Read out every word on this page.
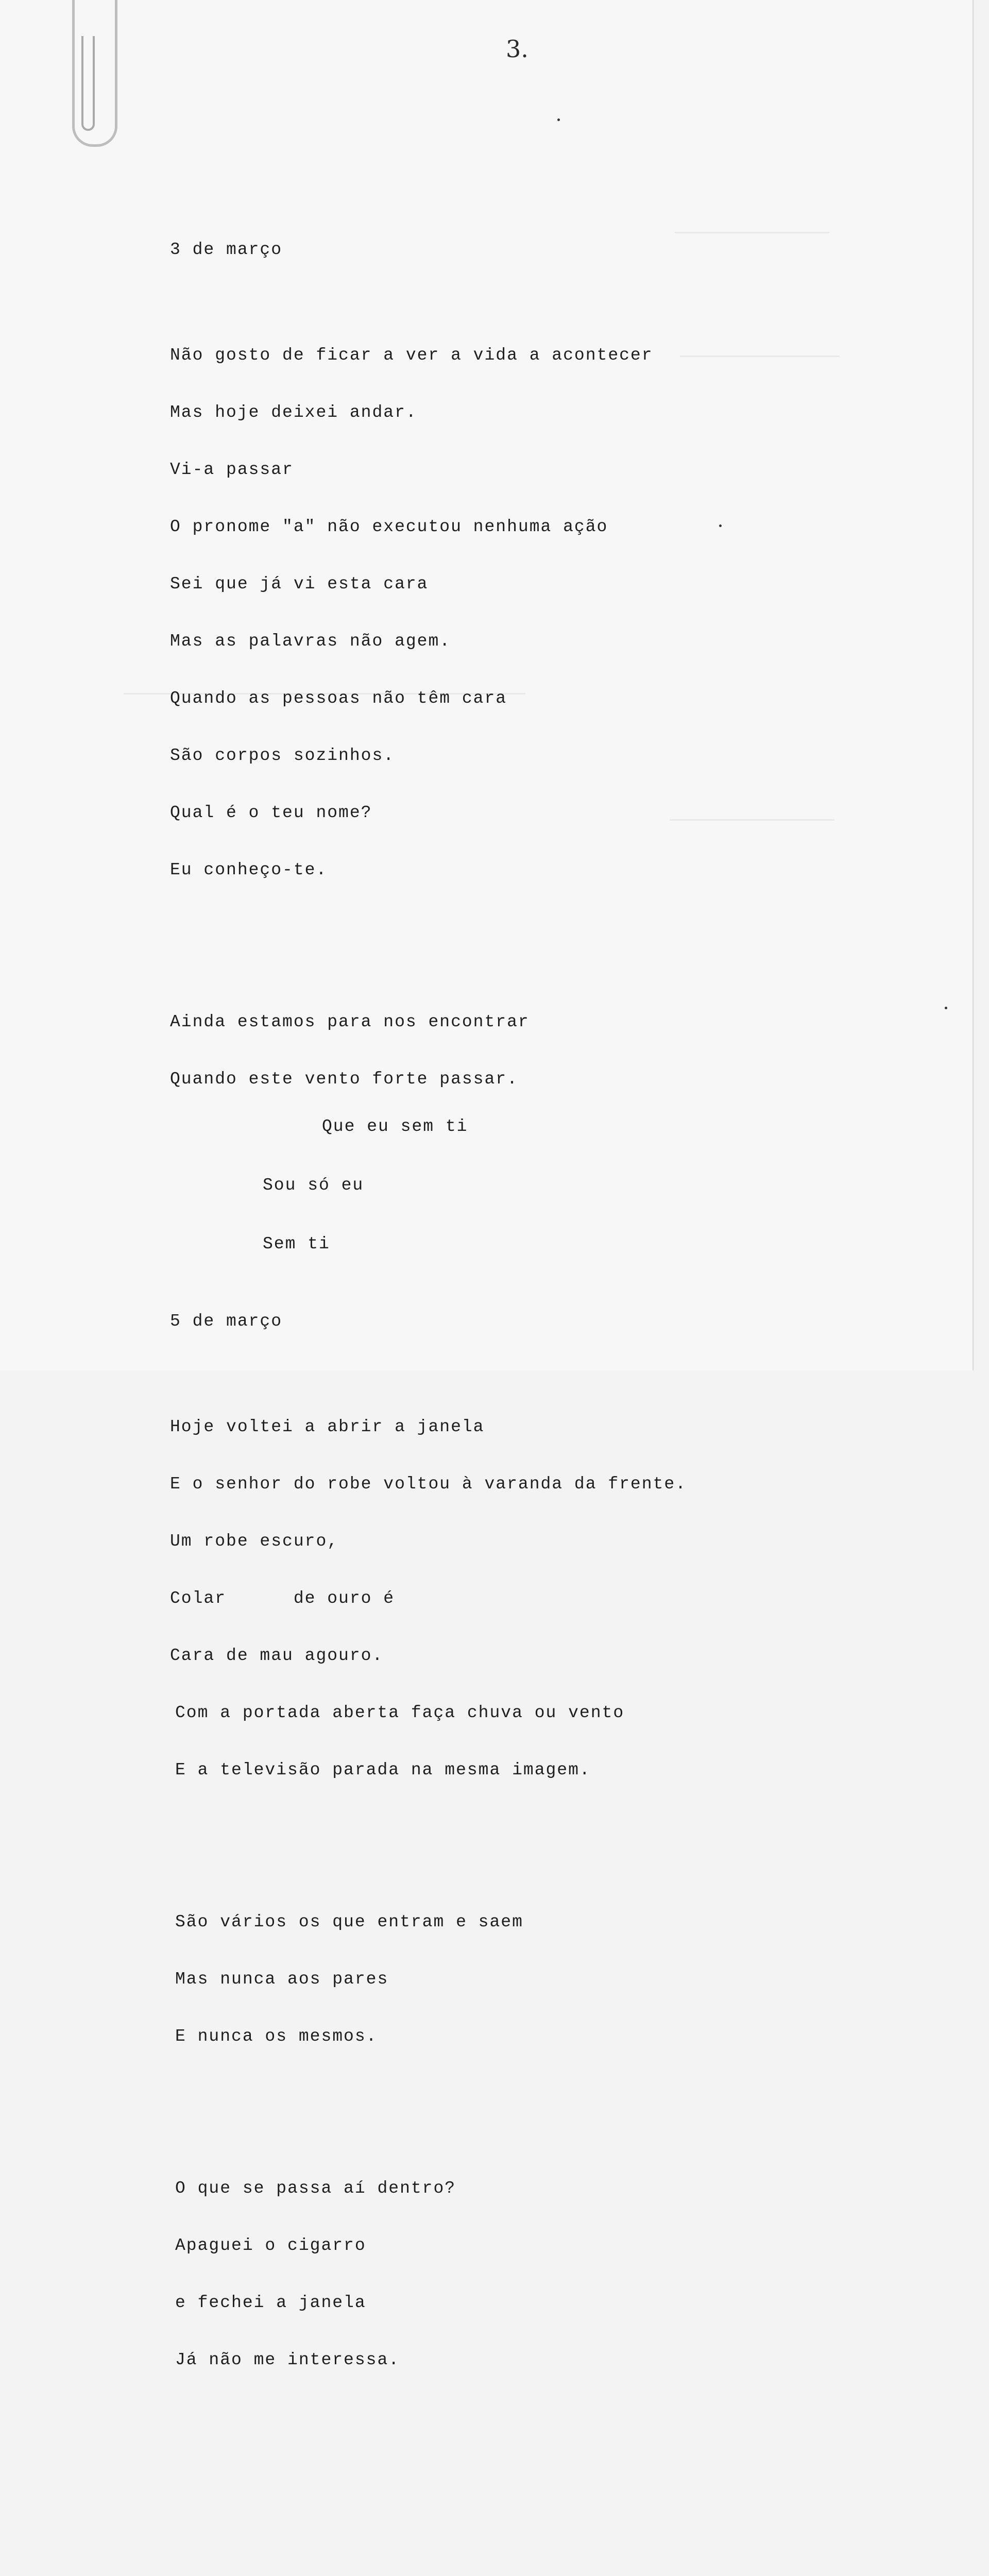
3.

3 de março

Não gosto de ficar a ver a vida a acontecer

Mas hoje deixei andar.

Vi-a passar

O pronome "a" não executou nenhuma ação

Sei que já vi esta cara

Mas as palavras não agem.

Quando as pessoas não têm cara

São corpos sozinhos.

Qual é o teu nome?

Eu conheço-te.

Ainda estamos para nos encontrar

Quando este vento forte passar.

5 de março

Hoje voltei a abrir a janela

E o senhor do robe voltou à varanda da frente.

Um robe escuro,

Colar      de ouro é

Cara de mau agouro.

Com a portada aberta faça chuva ou vento

E a televisão parada na mesma imagem.

São vários os que entram e saem

Mas nunca aos pares

E nunca os mesmos.

O que se passa aí dentro?

Apaguei o cigarro

e fechei a janela

Já não me interessa.

Que eu sem ti

Sou só eu

Sem ti
